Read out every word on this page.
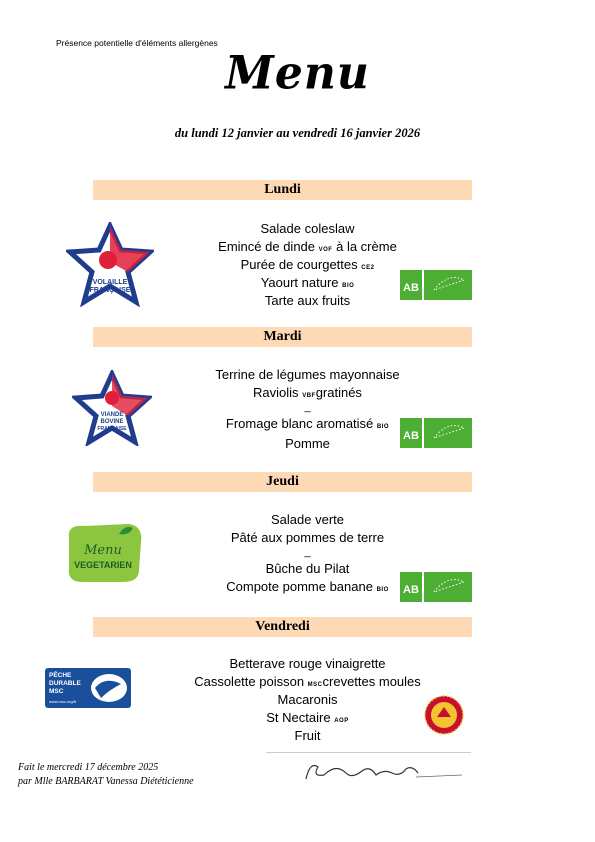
Présence potentielle d'éléments allergènes
Menu
du lundi 12 janvier au vendredi 16 janvier 2026
Lundi
VOLAILLE
FRANÇAISE
Salade coleslaw
Emincé de dinde VOF à la crème
Purée de courgettes CE2
Yaourt nature BIO
Tarte aux fruits
AB
Mardi
VIANDE
BOVINE
FRANÇAISE
Terrine de légumes mayonnaise
Raviolis VBFgratinés
_
Fromage blanc aromatisé BIO
Pomme	AB
Jeudi
Menu
VEGETARIEN
Salade verte
Pâté aux pommes de terre
_
Bûche du Pilat
Compote pomme banane BIO	AB
Vendredi
PÊCHE
DURABLE
MSC
www.msc.org/fr
Betterave rouge vinaigrette
Cassolette poisson MSCcrevettes moules
Macaronis
St Nectaire AOP
Fruit
Fait le mercredi 17 décembre 2025
par Mlle BARBARAT Vanessa Diététicienne
